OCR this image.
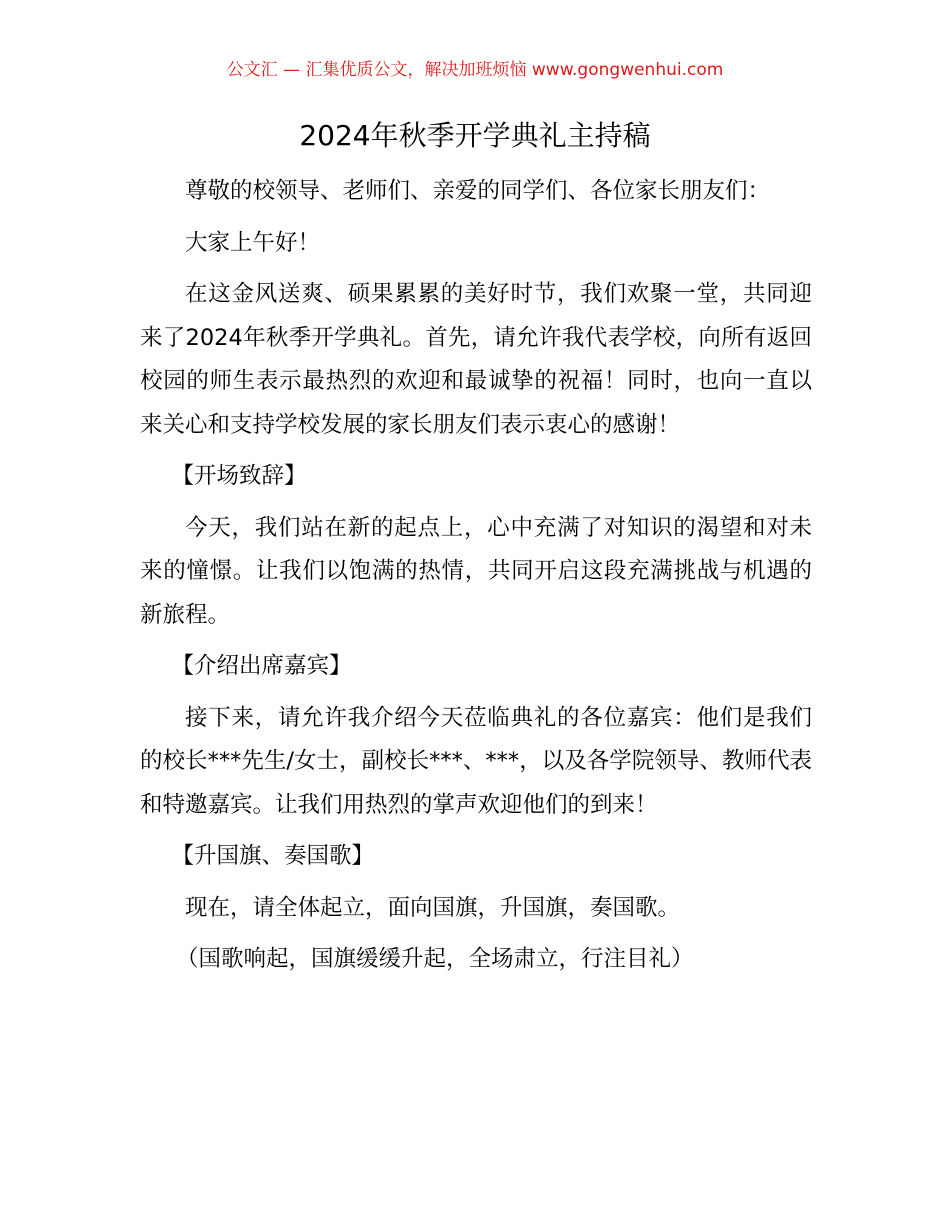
公文汇 — 汇集优质公文，解决加班烦恼 www.gongwenhui.com
2024年秋季开学典礼主持稿

尊敬的校领导、老师们、亲爱的同学们、各位家长朋友们：

大家上午好！

在这金风送爽、硕果累累的美好时节，我们欢聚一堂，共同迎来了2024年秋季开学典礼。首先，请允许我代表学校，向所有返回校园的师生表示最热烈的欢迎和最诚挚的祝福！同时，也向一直以来关心和支持学校发展的家长朋友们表示衷心的感谢！

【开场致辞】

今天，我们站在新的起点上，心中充满了对知识的渴望和对未来的憧憬。让我们以饱满的热情，共同开启这段充满挑战与机遇的新旅程。

【介绍出席嘉宾】

接下来，请允许我介绍今天莅临典礼的各位嘉宾：他们是我们的校长***先生/女士，副校长***、***，以及各学院领导、教师代表和特邀嘉宾。让我们用热烈的掌声欢迎他们的到来！

【升国旗、奏国歌】

现在，请全体起立，面向国旗，升国旗，奏国歌。

（国歌响起，国旗缓缓升起，全场肃立，行注目礼）
